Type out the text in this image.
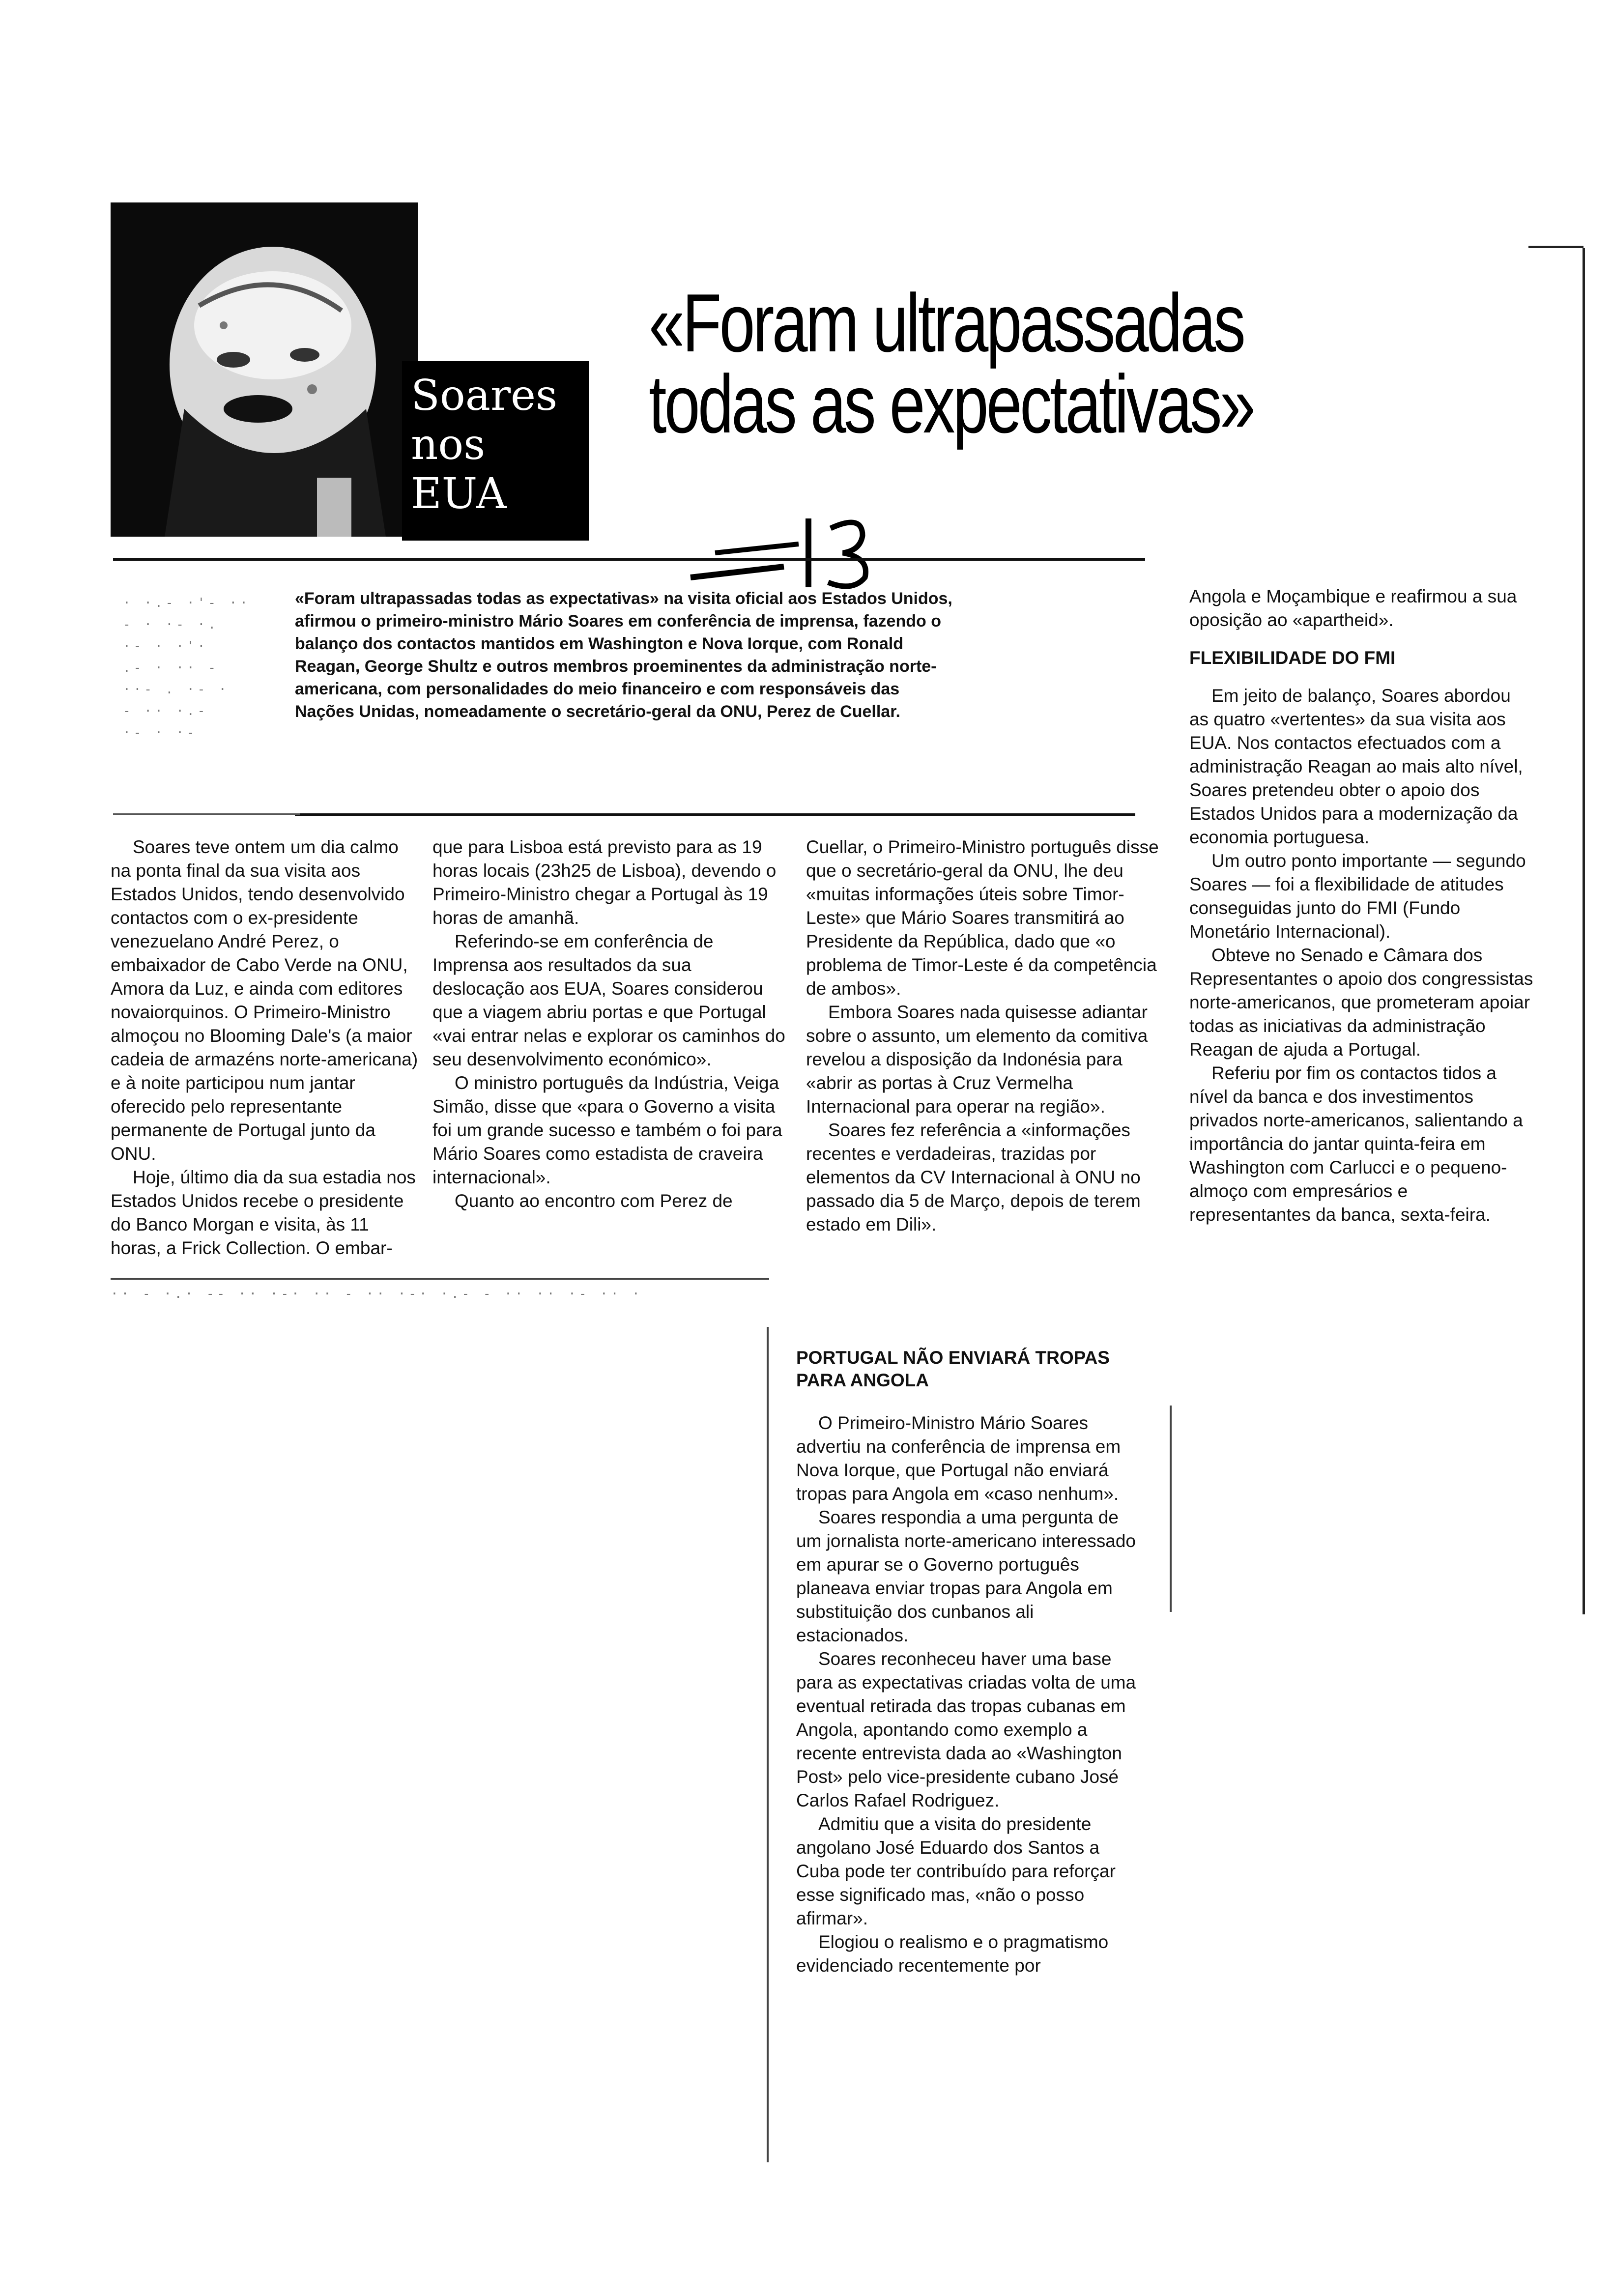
Soares
nos
EUA
«Foram ultrapassadas
todas as expectativas»
· ·.- ·'- ··
- · ·- ·.
·- · ·'·
.- · ·· -
··- . ·- ·
- ·· ·.-
·- · ·-
«Foram ultrapassadas todas as expectativas» na visita oficial aos Estados Unidos, afirmou o primeiro-ministro Mário Soares em conferência de imprensa, fazendo o balanço dos contactos mantidos em Washington e Nova Iorque, com Ronald Reagan, George Shultz e outros membros proeminentes da administração norte-americana, com personalidades do meio financeiro e com responsáveis das Nações Unidas, nomeadamente o secretário-geral da ONU, Perez de Cuellar.

Soares teve ontem um dia calmo na ponta final da sua visita aos Estados Unidos, tendo desenvolvido contactos com o ex-presidente venezuelano André Perez, o embaixador de Cabo Verde na ONU, Amora da Luz, e ainda com editores novaiorquinos. O Primeiro-Ministro almoçou no Blooming Dale's (a maior cadeia de armazéns norte-americana) e à noite participou num jantar oferecido pelo representante permanente de Portugal junto da ONU.

Hoje, último dia da sua estadia nos Estados Unidos recebe o presidente do Banco Morgan e visita, às 11 horas, a Frick Collection. O embar-

que para Lisboa está previsto para as 19 horas locais (23h25 de Lisboa), devendo o Primeiro-Ministro chegar a Portugal às 19 horas de amanhã.

Referindo-se em conferência de Imprensa aos resultados da sua deslocação aos EUA, Soares considerou que a viagem abriu portas e que Portugal «vai entrar nelas e explorar os caminhos do seu desenvolvimento económico».

O ministro português da Indústria, Veiga Simão, disse que «para o Governo a visita foi um grande sucesso e também o foi para Mário Soares como estadista de craveira internacional».

Quanto ao encontro com Perez de

Cuellar, o Primeiro-Ministro português disse que o secretário-geral da ONU, lhe deu «muitas informações úteis sobre Timor-Leste» que Mário Soares transmitirá ao Presidente da República, dado que «o problema de Timor-Leste é da competência de ambos».

Embora Soares nada quisesse adiantar sobre o assunto, um elemento da comitiva revelou a disposição da Indonésia para «abrir as portas à Cruz Vermelha Internacional para operar na região».

Soares fez referência a «informações recentes e verdadeiras, trazidas por elementos da CV Internacional à ONU no passado dia 5 de Março, depois de terem estado em Dili».

·· - ·.· -- ·· ·-· ·· - ·· ·-· ·.- - ·· ·· ·- ·· ·
PORTUGAL NÃO ENVIARÁ TROPAS PARA ANGOLA

O Primeiro-Ministro Mário Soares advertiu na conferência de imprensa em Nova Iorque, que Portugal não enviará tropas para Angola em «caso nenhum».

Soares respondia a uma pergunta de um jornalista norte-americano interessado em apurar se o Governo português planeava enviar tropas para Angola em substituição dos cunbanos ali estacionados.

Soares reconheceu haver uma base para as expectativas criadas volta de uma eventual retirada das tropas cubanas em Angola, apontando como exemplo a recente entrevista dada ao «Washington Post» pelo vice-presidente cubano José Carlos Rafael Rodriguez.

Admitiu que a visita do presidente angolano José Eduardo dos Santos a Cuba pode ter contribuído para reforçar esse significado mas, «não o posso afirmar».

Elogiou o realismo e o pragmatismo evidenciado recentemente por

Angola e Moçambique e reafirmou a sua oposição ao «apartheid».

FLEXIBILIDADE DO FMI

Em jeito de balanço, Soares abordou as quatro «vertentes» da sua visita aos EUA. Nos contactos efectuados com a administração Reagan ao mais alto nível, Soares pretendeu obter o apoio dos Estados Unidos para a modernização da economia portuguesa.

Um outro ponto importante — segundo Soares — foi a flexibilidade de atitudes conseguidas junto do FMI (Fundo Monetário Internacional).

Obteve no Senado e Câmara dos Representantes o apoio dos congressistas norte-americanos, que prometeram apoiar todas as iniciativas da administração Reagan de ajuda a Portugal.

Referiu por fim os contactos tidos a nível da banca e dos investimentos privados norte-americanos, salientando a importância do jantar quinta-feira em Washington com Carlucci e o pequeno-almoço com empresários e representantes da banca, sexta-feira.
